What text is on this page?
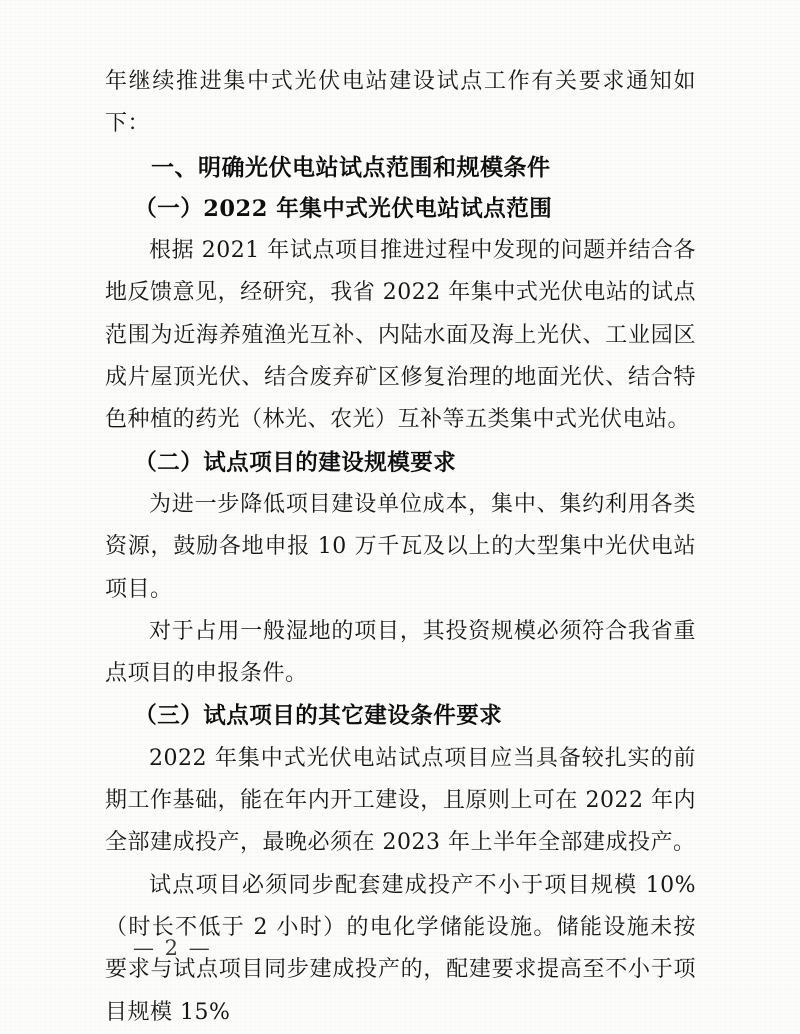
年继续推进集中式光伏电站建设试点工作有关要求通知如下：

一、明确光伏电站试点范围和规模条件

（一）2022 年集中式光伏电站试点范围

根据 2021 年试点项目推进过程中发现的问题并结合各地反馈意见，经研究，我省 2022 年集中式光伏电站的试点范围为近海养殖渔光互补、内陆水面及海上光伏、工业园区成片屋顶光伏、结合废弃矿区修复治理的地面光伏、结合特色种植的药光（林光、农光）互补等五类集中式光伏电站。

（二）试点项目的建设规模要求

为进一步降低项目建设单位成本，集中、集约利用各类资源，鼓励各地申报 10 万千瓦及以上的大型集中光伏电站项目。

对于占用一般湿地的项目，其投资规模必须符合我省重点项目的申报条件。

（三）试点项目的其它建设条件要求

2022 年集中式光伏电站试点项目应当具备较扎实的前期工作基础，能在年内开工建设，且原则上可在 2022 年内全部建成投产，最晚必须在 2023 年上半年全部建成投产。

试点项目必须同步配套建成投产不小于项目规模 10%（时长不低于 2 小时）的电化学储能设施。储能设施未按要求与试点项目同步建成投产的，配建要求提高至不小于项目规模 15%

— 2 —
